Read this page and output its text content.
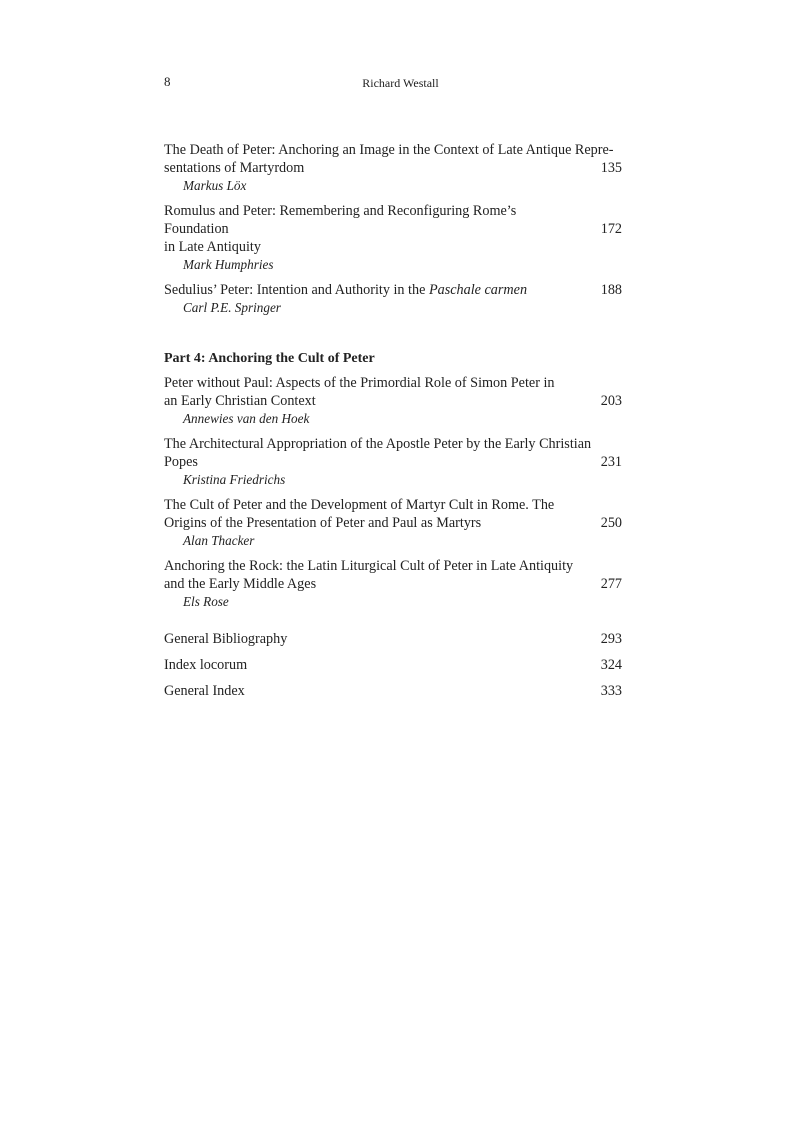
8	Richard Westall
The Death of Peter: Anchoring an Image in the Context of Late Antique Repre-
sentations of Martyrdom	135
Markus Löx
Romulus and Peter: Remembering and Reconfiguring Rome’s Foundation
in Late Antiquity
172
Mark Humphries
Sedulius’ Peter: Intention and Authority in the Paschale carmen	188
Carl P.E. Springer
Part 4: Anchoring the Cult of Peter
Peter without Paul: Aspects of the Primordial Role of Simon Peter in
an Early Christian Context	203
Annewies van den Hoek
The Architectural Appropriation of the Apostle Peter by the Early Christian
Popes	231
Kristina Friedrichs
The Cult of Peter and the Development of Martyr Cult in Rome. The
Origins of the Presentation of Peter and Paul as Martyrs	250
Alan Thacker
Anchoring the Rock: the Latin Liturgical Cult of Peter in Late Antiquity
and the Early Middle Ages	277
Els Rose
General Bibliography	293
Index locorum	324
General Index	333
